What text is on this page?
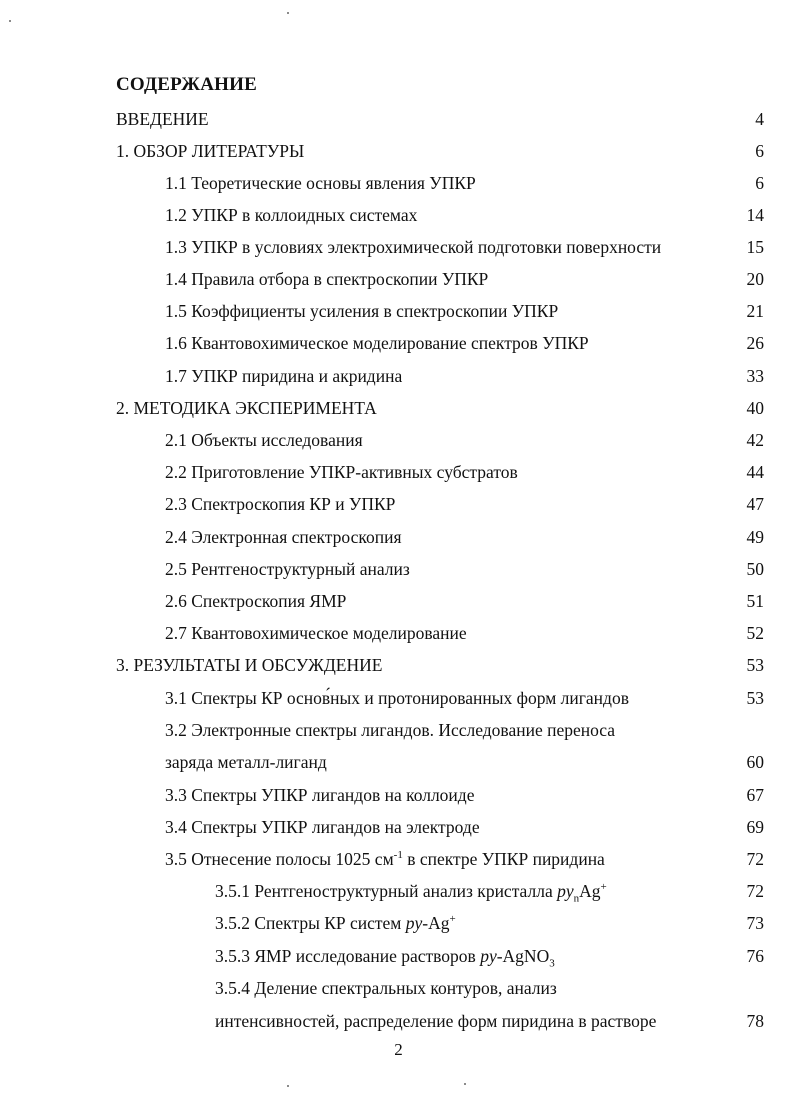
СОДЕРЖАНИЕ
ВВЕДЕНИЕ	4
1. ОБЗОР ЛИТЕРАТУРЫ	6
1.1 Теоретические основы явления УПКР	6
1.2 УПКР в коллоидных системах	14
1.3 УПКР в условиях электрохимической подготовки поверхности	15
1.4 Правила отбора в спектроскопии УПКР	20
1.5 Коэффициенты усиления в спектроскопии УПКР	21
1.6 Квантовохимическое моделирование спектров УПКР	26
1.7 УПКР пиридина и акридина	33
2. МЕТОДИКА ЭКСПЕРИМЕНТА	40
2.1 Объекты исследования	42
2.2 Приготовление УПКР-активных субстратов	44
2.3 Спектроскопия КР и УПКР	47
2.4 Электронная спектроскопия	49
2.5 Рентгеноструктурный анализ	50
2.6 Спектроскопия ЯМР	51
2.7 Квантовохимическое моделирование	52
3. РЕЗУЛЬТАТЫ И ОБСУЖДЕНИЕ	53
3.1 Спектры КР основ́ных и протонированных форм лигандов	53
3.2 Электронные спектры лигандов. Исследование переноса
заряда металл-лиганд	60
3.3 Спектры УПКР лигандов на коллоиде	67
3.4 Спектры УПКР лигандов на электроде	69
3.5 Отнесение полосы 1025 $см^{-1}$ в спектре УПКР пиридина	72
3.5.1 Рентгеноструктурный анализ кристалла $py_nAg^+$	72
3.5.2 Спектры КР систем py-Ag+	73
3.5.3 ЯМР исследование растворов py-AgNO$_3$	76
3.5.4 Деление спектральных контуров, анализ
интенсивностей, распределение форм пиридина в растворе	78
2
